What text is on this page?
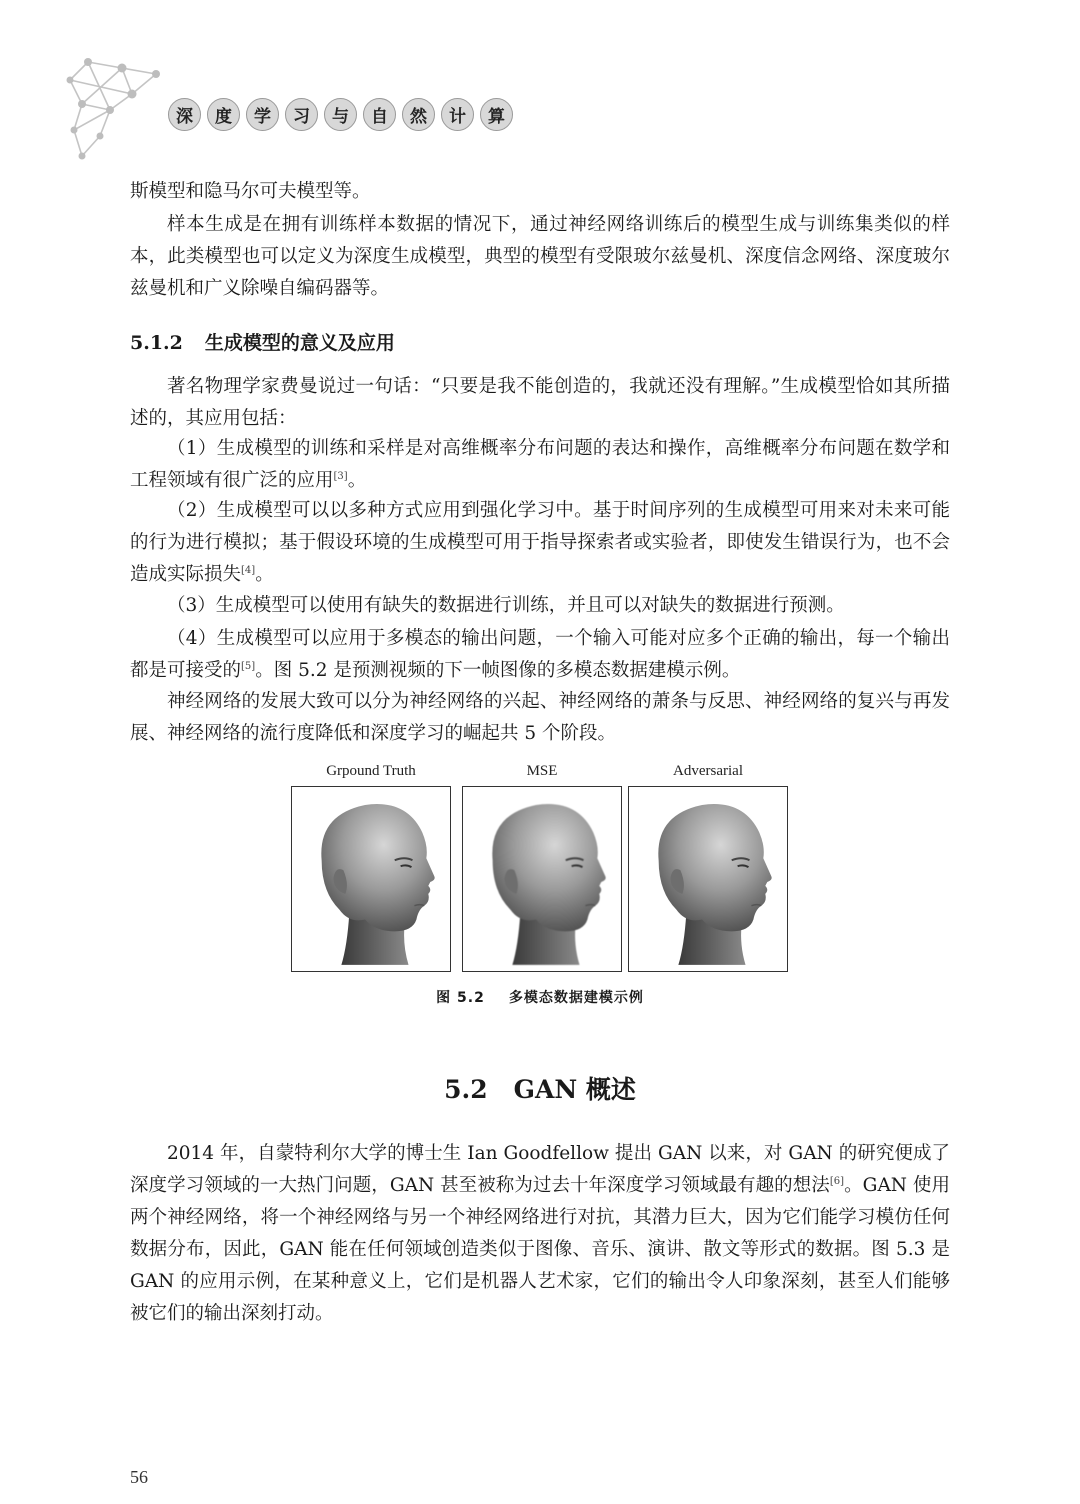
深	度	学	习	与	自	然	计	算

斯模型和隐马尔可夫模型等。

样本生成是在拥有训练样本数据的情况下，通过神经网络训练后的模型生成与训练集类似的样本，此类模型也可以定义为深度生成模型，典型的模型有受限玻尔兹曼机、深度信念网络、深度玻尔兹曼机和广义除噪自编码器等。

5.1.2 生成模型的意义及应用

著名物理学家费曼说过一句话：“只要是我不能创造的，我就还没有理解。”生成模型恰如其所描述的，其应用包括：

（1）生成模型的训练和采样是对高维概率分布问题的表达和操作，高维概率分布问题在数学和工程领域有很广泛的应用[3]。

（2）生成模型可以以多种方式应用到强化学习中。基于时间序列的生成模型可用来对未来可能的行为进行模拟；基于假设环境的生成模型可用于指导探索者或实验者，即使发生错误行为，也不会造成实际损失[4]。

（3）生成模型可以使用有缺失的数据进行训练，并且可以对缺失的数据进行预测。

（4）生成模型可以应用于多模态的输出问题，一个输入可能对应多个正确的输出，每一个输出都是可接受的[5]。图 5.2 是预测视频的下一帧图像的多模态数据建模示例。

神经网络的发展大致可以分为神经网络的兴起、神经网络的萧条与反思、神经网络的复兴与再发展、神经网络的流行度降低和深度学习的崛起共 5 个阶段。

Grpound Truth	MSE	Adversarial
图 5.2 多模态数据建模示例
5.2 GAN 概述

2014 年，自蒙特利尔大学的博士生 Ian Goodfellow 提出 GAN 以来，对 GAN 的研究便成了深度学习领域的一大热门问题，GAN 甚至被称为过去十年深度学习领域最有趣的想法[6]。GAN 使用两个神经网络，将一个神经网络与另一个神经网络进行对抗，其潜力巨大，因为它们能学习模仿任何数据分布，因此，GAN 能在任何领域创造类似于图像、音乐、演讲、散文等形式的数据。图 5.3 是 GAN 的应用示例，在某种意义上，它们是机器人艺术家，它们的输出令人印象深刻，甚至人们能够被它们的输出深刻打动。

56
